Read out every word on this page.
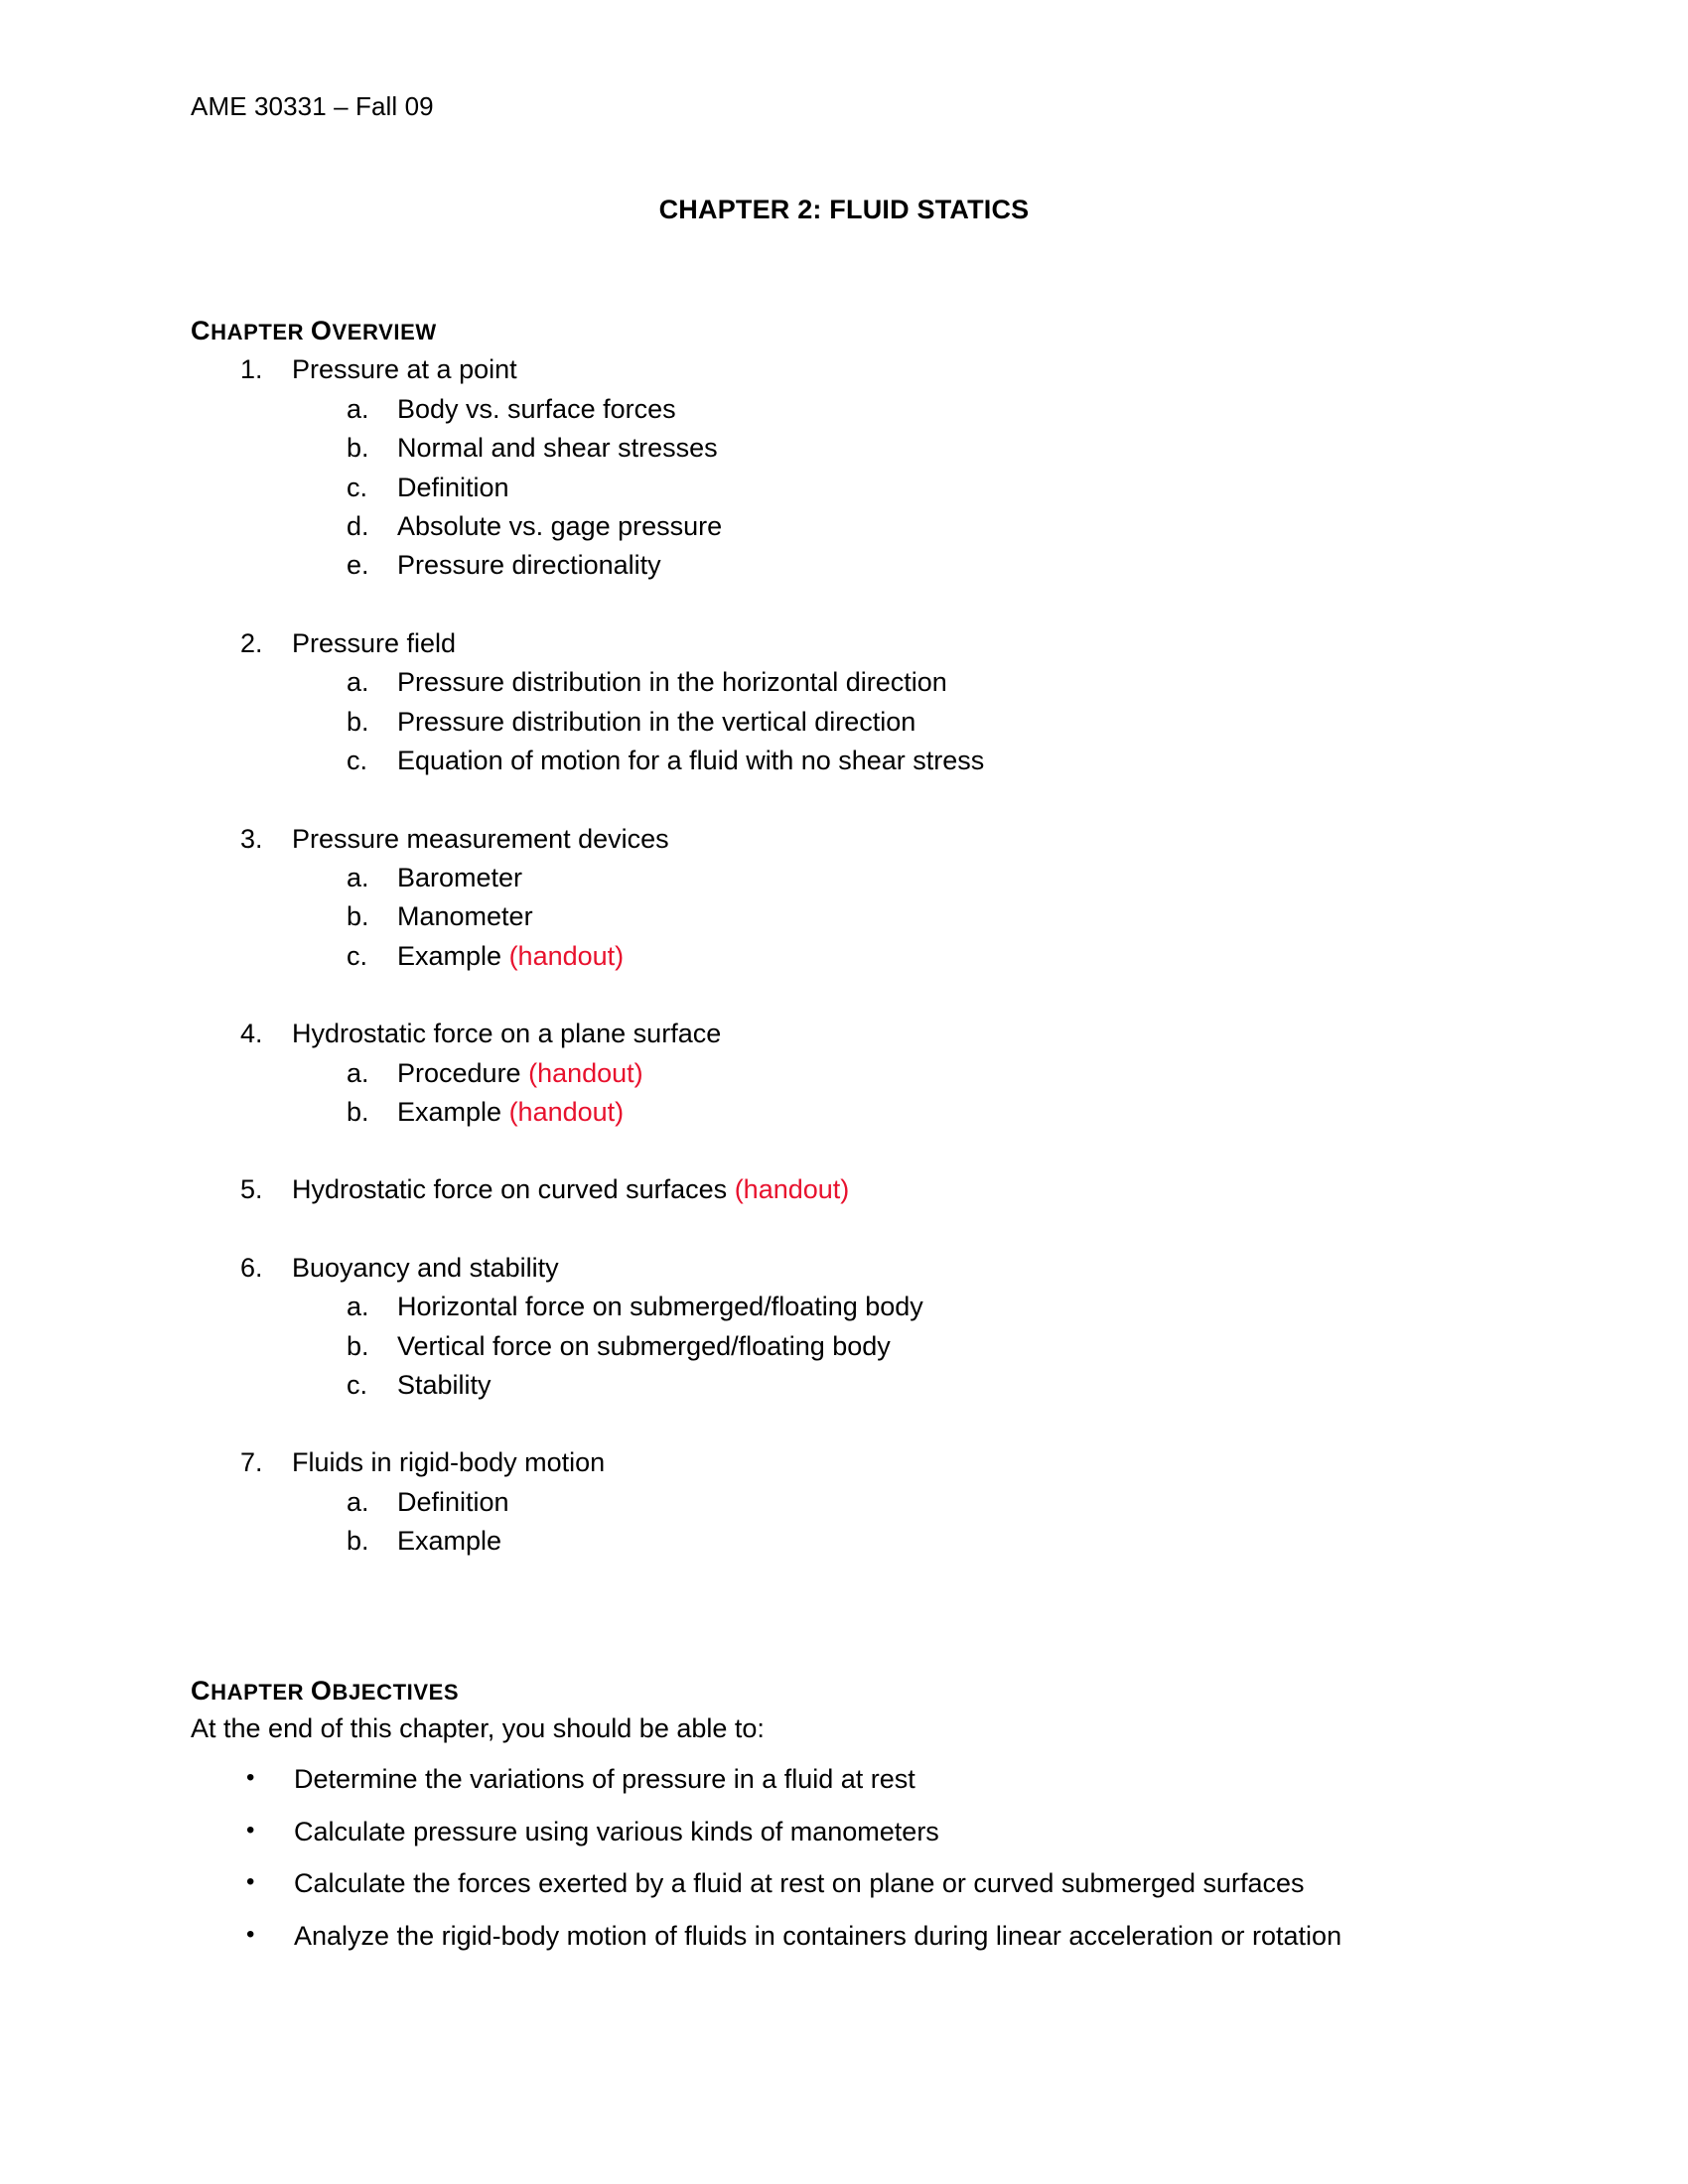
AME 30331 – Fall 09
CHAPTER 2: FLUID STATICS
CHAPTER OVERVIEW
1. Pressure at a point
a. Body vs. surface forces
b. Normal and shear stresses
c. Definition
d. Absolute vs. gage pressure
e. Pressure directionality
2. Pressure field
a. Pressure distribution in the horizontal direction
b. Pressure distribution in the vertical direction
c. Equation of motion for a fluid with no shear stress
3. Pressure measurement devices
a. Barometer
b. Manometer
c. Example (handout)
4. Hydrostatic force on a plane surface
a. Procedure (handout)
b. Example (handout)
5. Hydrostatic force on curved surfaces (handout)
6. Buoyancy and stability
a. Horizontal force on submerged/floating body
b. Vertical force on submerged/floating body
c. Stability
7. Fluids in rigid-body motion
a. Definition
b. Example
CHAPTER OBJECTIVES

At the end of this chapter, you should be able to:

• Determine the variations of pressure in a fluid at rest
• Calculate pressure using various kinds of manometers
• Calculate the forces exerted by a fluid at rest on plane or curved submerged surfaces
• Analyze the rigid-body motion of fluids in containers during linear acceleration or rotation
